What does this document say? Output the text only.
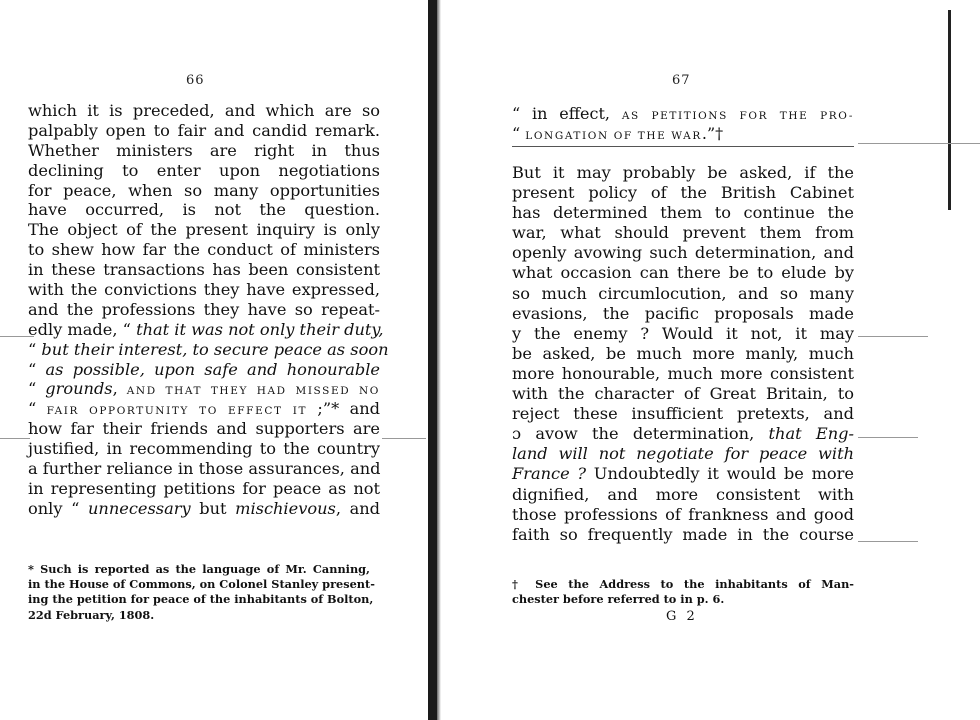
66
which it is preceded, and which are so
palpably open to fair and candid remark.
Whether ministers are right in thus
declining to enter upon negotiations
for peace, when so many opportunities
have occurred, is not the question.
The object of the present inquiry is only
to shew how far the conduct of ministers
in these transactions has been consistent
with the convictions they have expressed,
and the professions they have so repeat-
edly made, “ that it was not only their duty,
“ but their interest, to secure peace as soon
“ as possible, upon safe and honourable
“ grounds, AND THAT THEY HAD MISSED NO
“ FAIR OPPORTUNITY TO EFFECT IT ;”* and
how far their friends and supporters are
justified, in recommending to the country
a further reliance in those assurances, and
in representing petitions for peace as not
only “ unnecessary but mischievous, and
* Such is reported as the language of Mr. Canning,
in the House of Commons, on Colonel Stanley present-
ing the petition for peace of the inhabitants of Bolton,
22d February, 1808.
67
“ in effect, AS PETITIONS FOR THE PRO-
“ LONGATION OF THE WAR.”†
But it may probably be asked, if the
present policy of the British Cabinet
has determined them to continue the
war, what should prevent them from
openly avowing such determination, and
what occasion can there be to elude by
so much circumlocution, and so many
evasions, the pacific proposals made
y the enemy ? Would it not, it may
be asked, be much more manly, much
more honourable, much more consistent
with the character of Great Britain, to
reject these insufficient pretexts, and
ɔ avow the determination, that Eng-
land will not negotiate for peace with
France ? Undoubtedly it would be more
dignified, and more consistent with
those professions of frankness and good
faith so frequently made in the course
† See the Address to the inhabitants of Man-
chester before referred to in p. 6.
G 2
